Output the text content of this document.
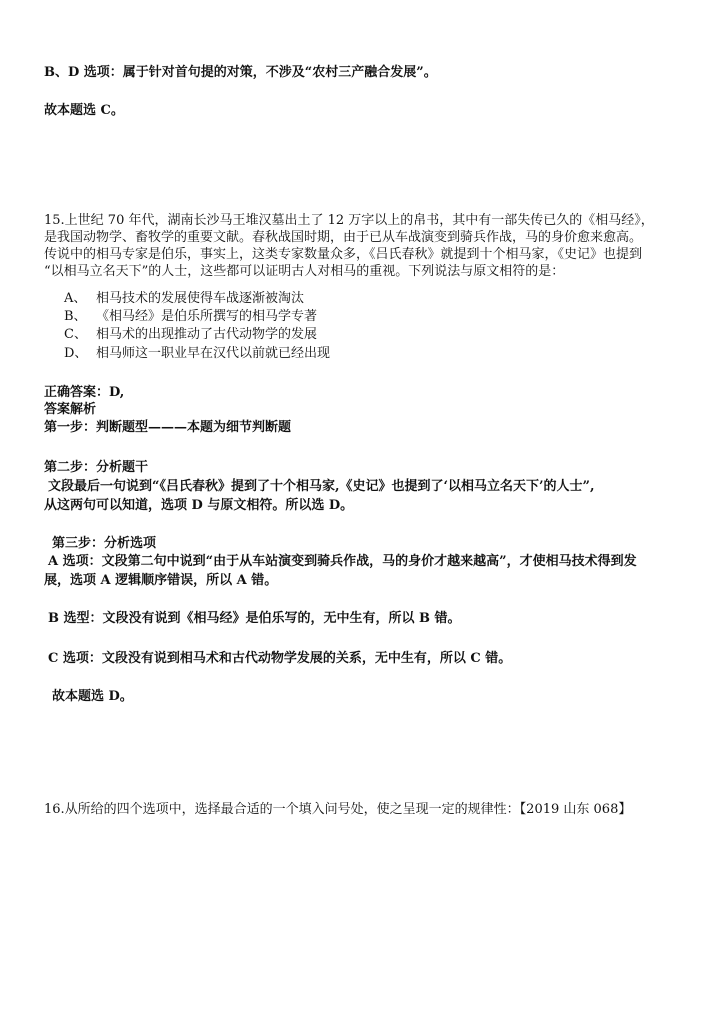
B、D 选项：属于针对首句提的对策，不涉及“农村三产融合发展”。
故本题选 C。
15.上世纪 70 年代，湖南长沙马王堆汉墓出土了 12 万字以上的帛书，其中有一部失传已久的《相马经》，
是我国动物学、畜牧学的重要文献。春秋战国时期，由于已从车战演变到骑兵作战，马的身价愈来愈高。
传说中的相马专家是伯乐，事实上，这类专家数量众多，《吕氏春秋》就提到十个相马家，《史记》也提到
“以相马立名天下”的人士，这些都可以证明古人对相马的重视。下列说法与原文相符的是：
A、 相马技术的发展使得车战逐渐被淘汰
B、 《相马经》是伯乐所撰写的相马学专著
C、 相马术的出现推动了古代动物学的发展
D、 相马师这一职业早在汉代以前就已经出现
正确答案：D,
答案解析
第一步：判断题型———本题为细节判断题
第二步：分析题干
文段最后一句说到“《吕氏春秋》提到了十个相马家,《史记》也提到了‘以相马立名天下’的人士”,
从这两句可以知道，选项 D 与原文相符。所以选 D。
第三步：分析选项
A 选项：文段第二句中说到“由于从车站演变到骑兵作战，马的身价才越来越高”，才使相马技术得到发
展，选项 A 逻辑顺序错误，所以 A 错。
B 选型：文段没有说到《相马经》是伯乐写的，无中生有，所以 B 错。
C 选项：文段没有说到相马术和古代动物学发展的关系，无中生有，所以 C 错。
故本题选 D。
16.从所给的四个选项中，选择最合适的一个填入问号处，使之呈现一定的规律性：【2019 山东 068】
